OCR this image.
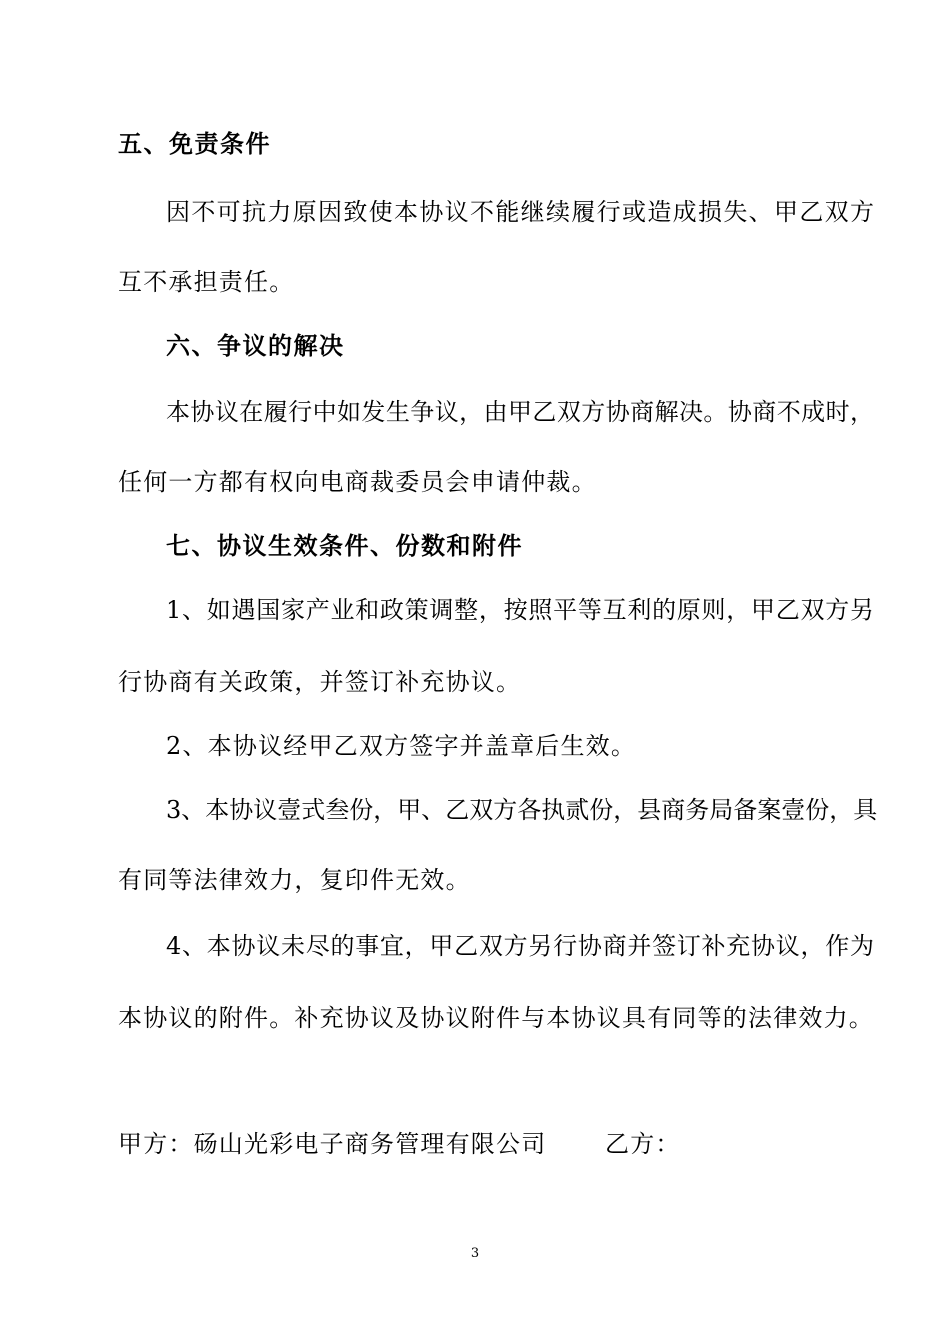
五、免责条件
因不可抗力原因致使本协议不能继续履行或造成损失、甲乙双方
互不承担责任。
六、争议的解决
本协议在履行中如发生争议，由甲乙双方协商解决。协商不成时，
任何一方都有权向电商裁委员会申请仲裁。
七、协议生效条件、份数和附件
1、如遇国家产业和政策调整，按照平等互利的原则，甲乙双方另
行协商有关政策，并签订补充协议。
2、本协议经甲乙双方签字并盖章后生效。
3、本协议壹式叁份，甲、乙双方各执贰份，县商务局备案壹份，具
有同等法律效力，复印件无效。
4、本协议未尽的事宜，甲乙双方另行协商并签订补充协议，作为
本协议的附件。补充协议及协议附件与本协议具有同等的法律效力。
甲方：砀山光彩电子商务管理有限公司 乙方：
3
